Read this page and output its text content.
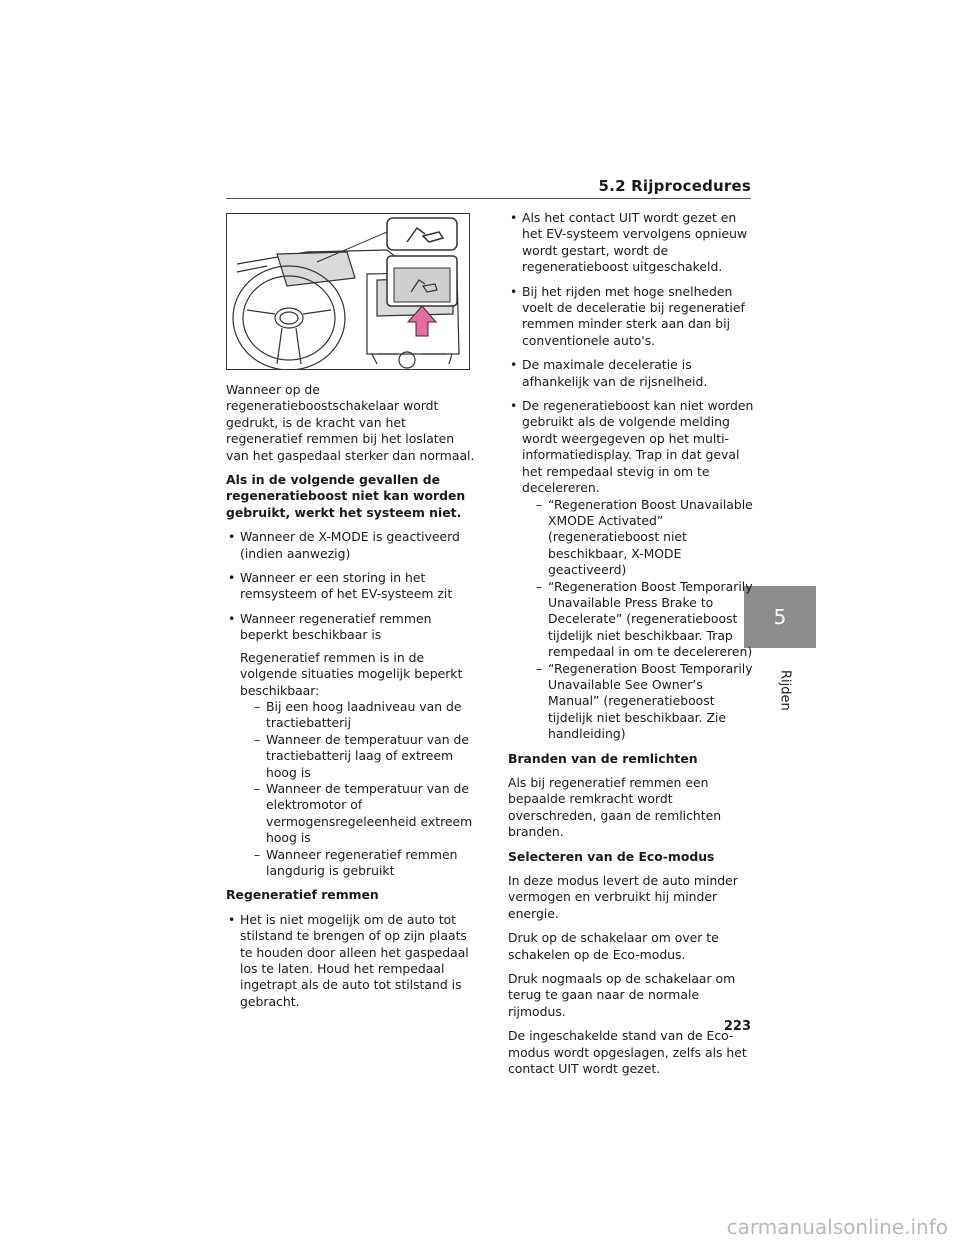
5.2 Rijprocedures
5
Rijden

Wanneer op de regeneratieboostschakelaar wordt gedrukt, is de kracht van het regeneratief remmen bij het loslaten van het gaspedaal sterker dan normaal.

Als in de volgende gevallen de regeneratieboost niet kan worden gebruikt, werkt het systeem niet.
• Wanneer de X-MODE is geactiveerd (indien aanwezig)
• Wanneer er een storing in het remsysteem of het EV-systeem zit
• Wanneer regeneratief remmen beperkt beschikbaar is
Regeneratief remmen is in de volgende situaties mogelijk beperkt beschikbaar:
– Bij een hoog laadniveau van de tractiebatterij
– Wanneer de temperatuur van de tractiebatterij laag of extreem hoog is
– Wanneer de temperatuur van de elektromotor of vermogensregeleenheid extreem hoog is
– Wanneer regeneratief remmen langdurig is gebruikt
Regeneratief remmen
• Het is niet mogelijk om de auto tot stilstand te brengen of op zijn plaats te houden door alleen het gaspedaal los te laten. Houd het rempedaal ingetrapt als de auto tot stilstand is gebracht.
• Als het contact UIT wordt gezet en het EV-systeem vervolgens opnieuw wordt gestart, wordt de regeneratieboost uitgeschakeld.
• Bij het rijden met hoge snelheden voelt de deceleratie bij regeneratief remmen minder sterk aan dan bij conventionele auto's.
• De maximale deceleratie is afhankelijk van de rijsnelheid.
• De regeneratieboost kan niet worden gebruikt als de volgende melding wordt weergegeven op het multi-informatiedisplay. Trap in dat geval het rempedaal stevig in om te decelereren.
– “Regeneration Boost Unavailable XMODE Activated” (regeneratieboost niet beschikbaar, X-MODE geactiveerd)
– “Regeneration Boost Temporarily Unavailable Press Brake to Decelerate” (regeneratieboost tijdelijk niet beschikbaar. Trap rempedaal in om te decelereren)
– “Regeneration Boost Temporarily Unavailable See Owner’s Manual” (regeneratieboost tijdelijk niet beschikbaar. Zie handleiding)
Branden van de remlichten

Als bij regeneratief remmen een bepaalde remkracht wordt overschreden, gaan de remlichten branden.

Selecteren van de Eco-modus

In deze modus levert de auto minder vermogen en verbruikt hij minder energie.

Druk op de schakelaar om over te schakelen op de Eco-modus.

Druk nogmaals op de schakelaar om terug te gaan naar de normale rijmodus.

De ingeschakelde stand van de Eco-modus wordt opgeslagen, zelfs als het contact UIT wordt gezet.

223
carmanualsonline.info
